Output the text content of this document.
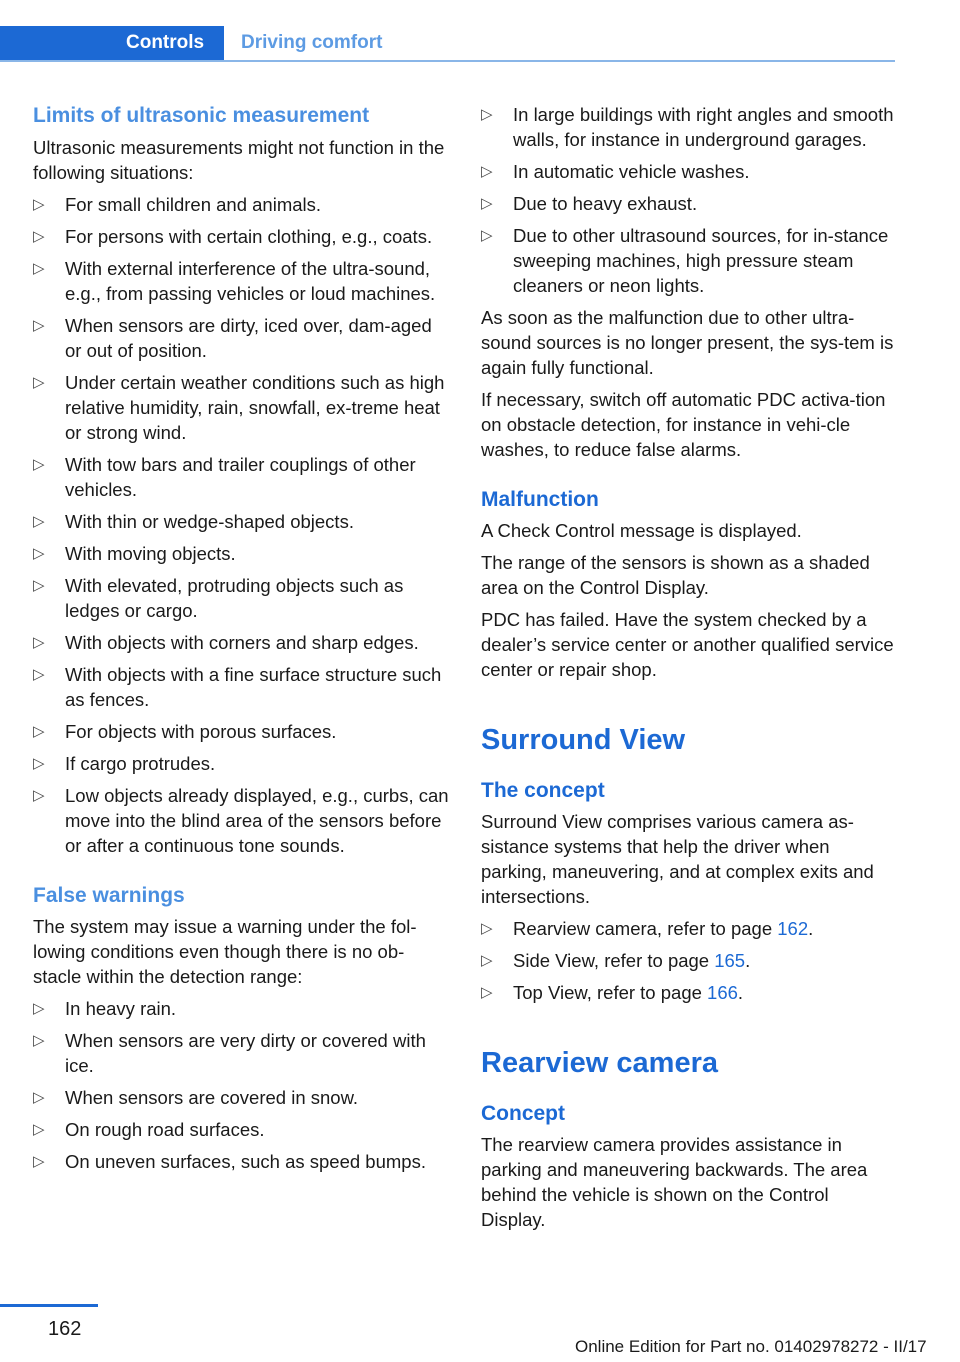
Controls	Driving comfort
Limits of ultrasonic measurement

Ultrasonic measurements might not function in the following situations:

▷ For small children and animals.
▷ For persons with certain clothing, e.g., coats.
▷ With external interference of the ultra-sound, e.g., from passing vehicles or loud machines.
▷ When sensors are dirty, iced over, dam-aged or out of position.
▷ Under certain weather conditions such as high relative humidity, rain, snowfall, ex-treme heat or strong wind.
▷ With tow bars and trailer couplings of other vehicles.
▷ With thin or wedge-shaped objects.
▷ With moving objects.
▷ With elevated, protruding objects such as ledges or cargo.
▷ With objects with corners and sharp edges.
▷ With objects with a fine surface structure such as fences.
▷ For objects with porous surfaces.
▷ If cargo protrudes.
▷ Low objects already displayed, e.g., curbs, can move into the blind area of the sensors before or after a continuous tone sounds.
False warnings

The system may issue a warning under the fol-lowing conditions even though there is no ob-stacle within the detection range:

▷ In heavy rain.
▷ When sensors are very dirty or covered with ice.
▷ When sensors are covered in snow.
▷ On rough road surfaces.
▷ On uneven surfaces, such as speed bumps.
▷ In large buildings with right angles and smooth walls, for instance in underground garages.
▷ In automatic vehicle washes.
▷ Due to heavy exhaust.
▷ Due to other ultrasound sources, for in-stance sweeping machines, high pressure steam cleaners or neon lights.

As soon as the malfunction due to other ultra-sound sources is no longer present, the sys-tem is again fully functional.

If necessary, switch off automatic PDC activa-tion on obstacle detection, for instance in vehi-cle washes, to reduce false alarms.

Malfunction

A Check Control message is displayed.

The range of the sensors is shown as a shaded area on the Control Display.

PDC has failed. Have the system checked by a dealer’s service center or another qualified service center or repair shop.

Surround View
The concept

Surround View comprises various camera as-sistance systems that help the driver when parking, maneuvering, and at complex exits and intersections.

▷ Rearview camera, refer to page 162.
▷ Side View, refer to page 165.
▷ Top View, refer to page 166.
Rearview camera
Concept

The rearview camera provides assistance in parking and maneuvering backwards. The area behind the vehicle is shown on the Control Display.

162
Online Edition for Part no. 01402978272 - II/17
